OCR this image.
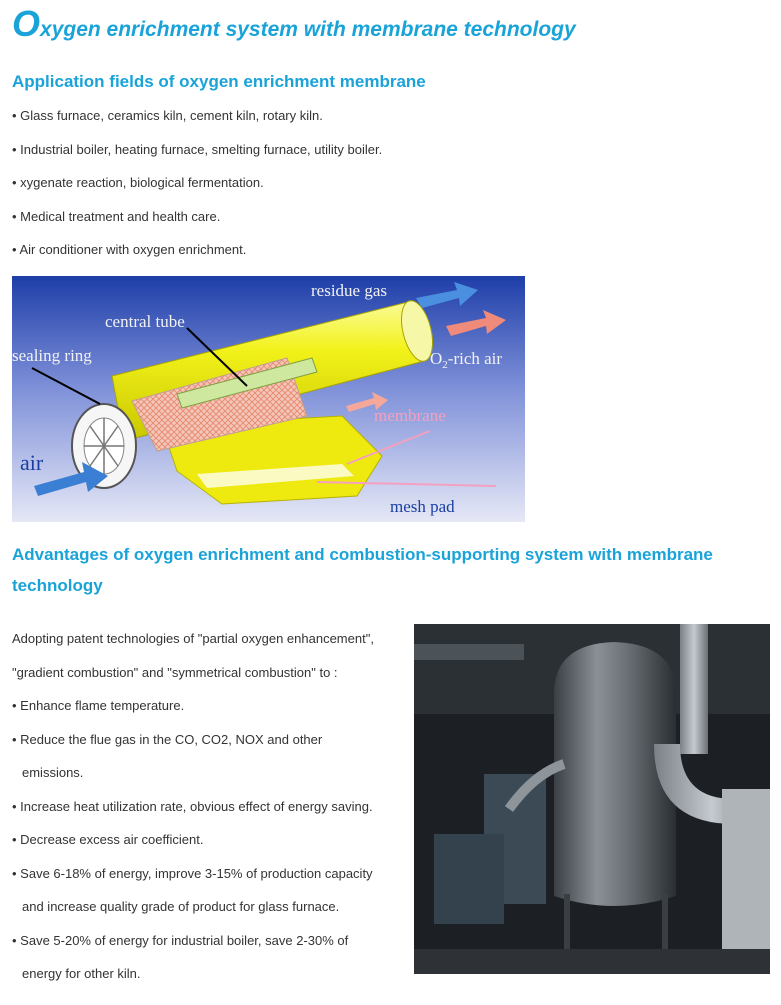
Oxygen enrichment system with membrane technology
Application fields of oxygen enrichment membrane
• Glass furnace, ceramics kiln, cement kiln, rotary kiln.
• Industrial boiler, heating furnace, smelting furnace, utility boiler.
• xygenate reaction, biological fermentation.
• Medical treatment and health care.
• Air conditioner with oxygen enrichment.
residue gas
central tube
sealing ring	$O_2$-rich air
membrane
air
mesh pad
Advantages of oxygen enrichment and combustion-supporting system with membrane technology
Adopting patent technologies of "partial oxygen enhancement",
"gradient combustion" and "symmetrical combustion" to :
• Enhance flame temperature.
• Reduce the flue gas in the CO, CO2, NOX and other
emissions.
• Increase heat utilization rate, obvious effect of energy saving.
• Decrease excess air coefficient.
• Save 6-18% of energy, improve 3-15% of production capacity
and increase quality grade of product for glass furnace.
• Save 5-20% of energy for industrial boiler, save 2-30% of
energy for other kiln.
